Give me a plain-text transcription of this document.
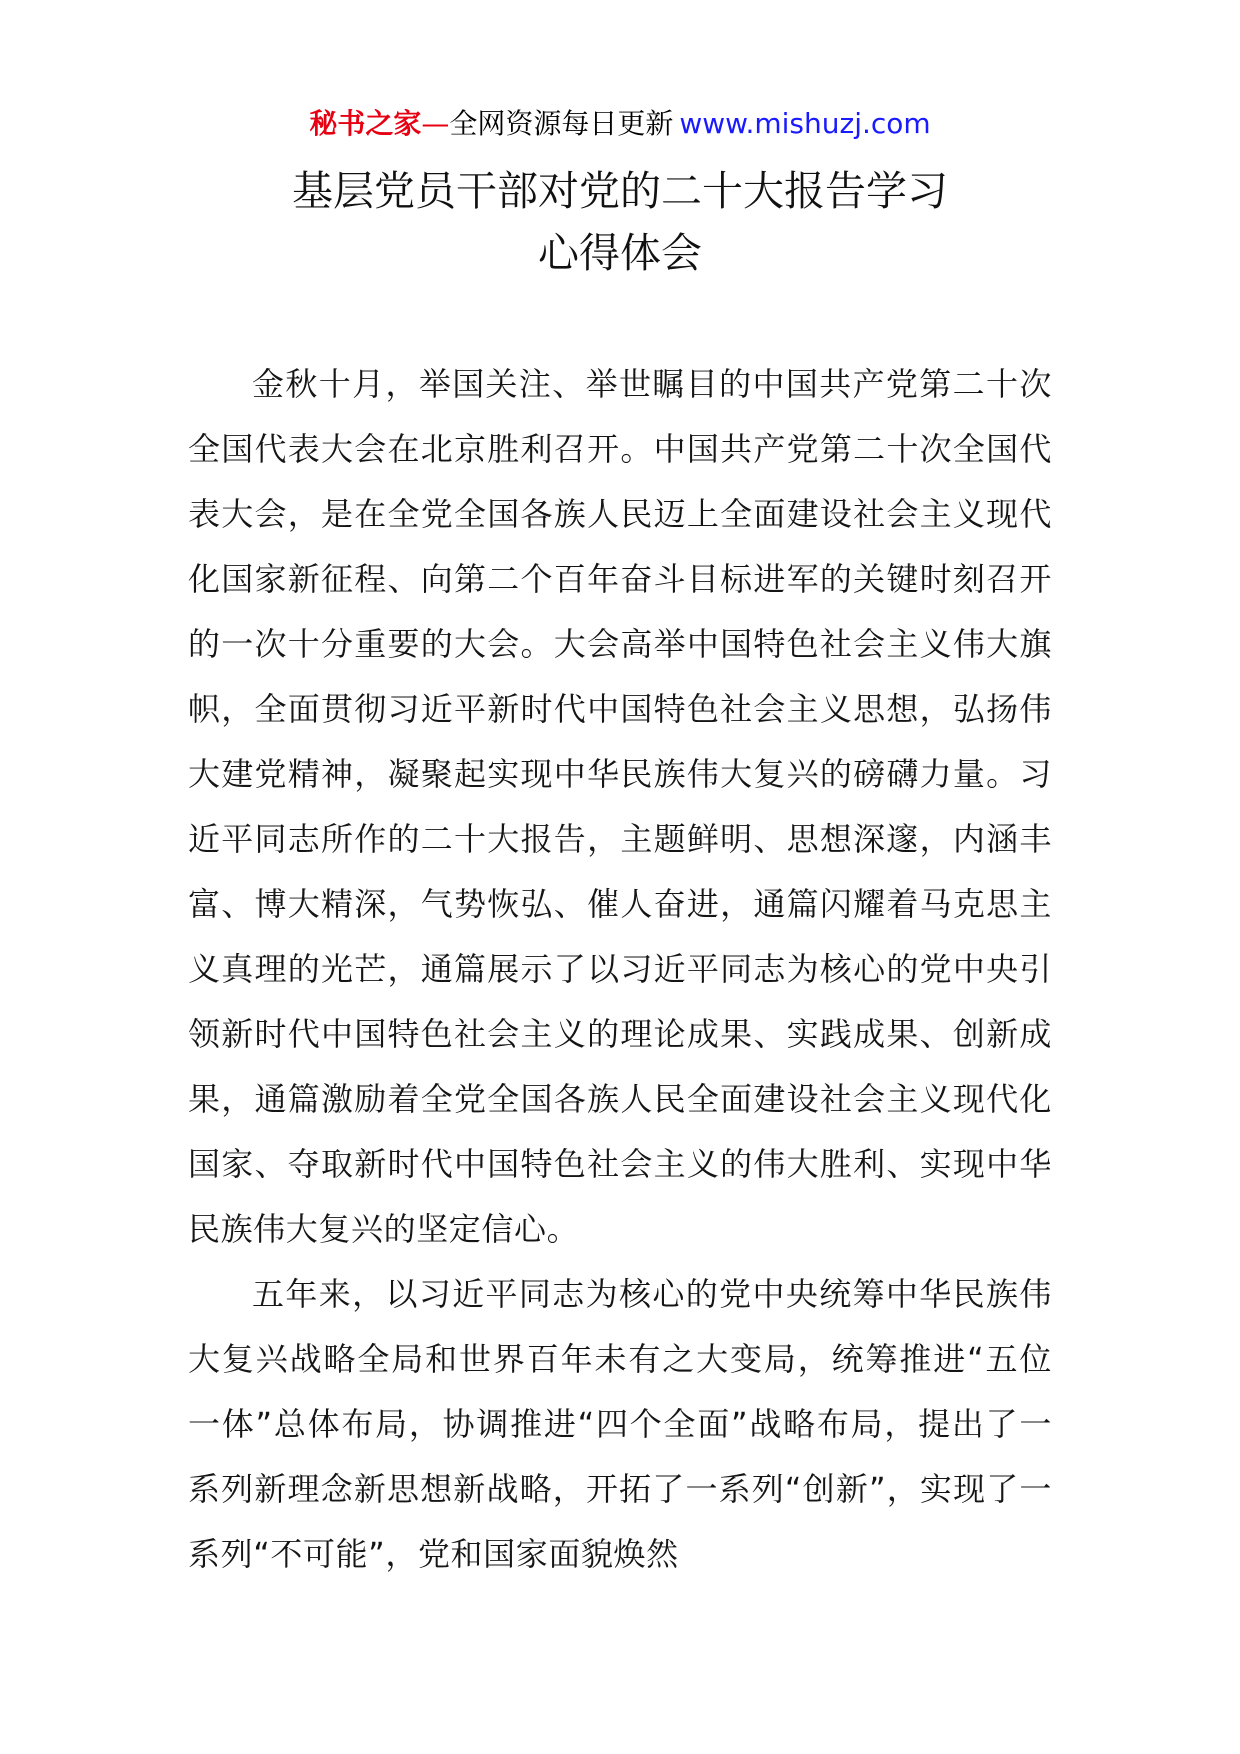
秘书之家—全网资源每日更新 www.mishuzj.com
基层党员干部对党的二十大报告学习
心得体会

金秋十月，举国关注、举世瞩目的中国共产党第二十次全国代表大会在北京胜利召开。中国共产党第二十次全国代表大会，是在全党全国各族人民迈上全面建设社会主义现代化国家新征程、向第二个百年奋斗目标进军的关键时刻召开的一次十分重要的大会。大会高举中国特色社会主义伟大旗帜，全面贯彻习近平新时代中国特色社会主义思想，弘扬伟大建党精神，凝聚起实现中华民族伟大复兴的磅礴力量。习近平同志所作的二十大报告，主题鲜明、思想深邃，内涵丰富、博大精深，气势恢弘、催人奋进，通篇闪耀着马克思主义真理的光芒，通篇展示了以习近平同志为核心的党中央引领新时代中国特色社会主义的理论成果、实践成果、创新成果，通篇激励着全党全国各族人民全面建设社会主义现代化国家、夺取新时代中国特色社会主义的伟大胜利、实现中华民族伟大复兴的坚定信心。

五年来，以习近平同志为核心的党中央统筹中华民族伟大复兴战略全局和世界百年未有之大变局，统筹推进“五位一体”总体布局，协调推进“四个全面”战略布局，提出了一系列新理念新思想新战略，开拓了一系列“创新”，实现了一系列“不可能”，党和国家面貌焕然
